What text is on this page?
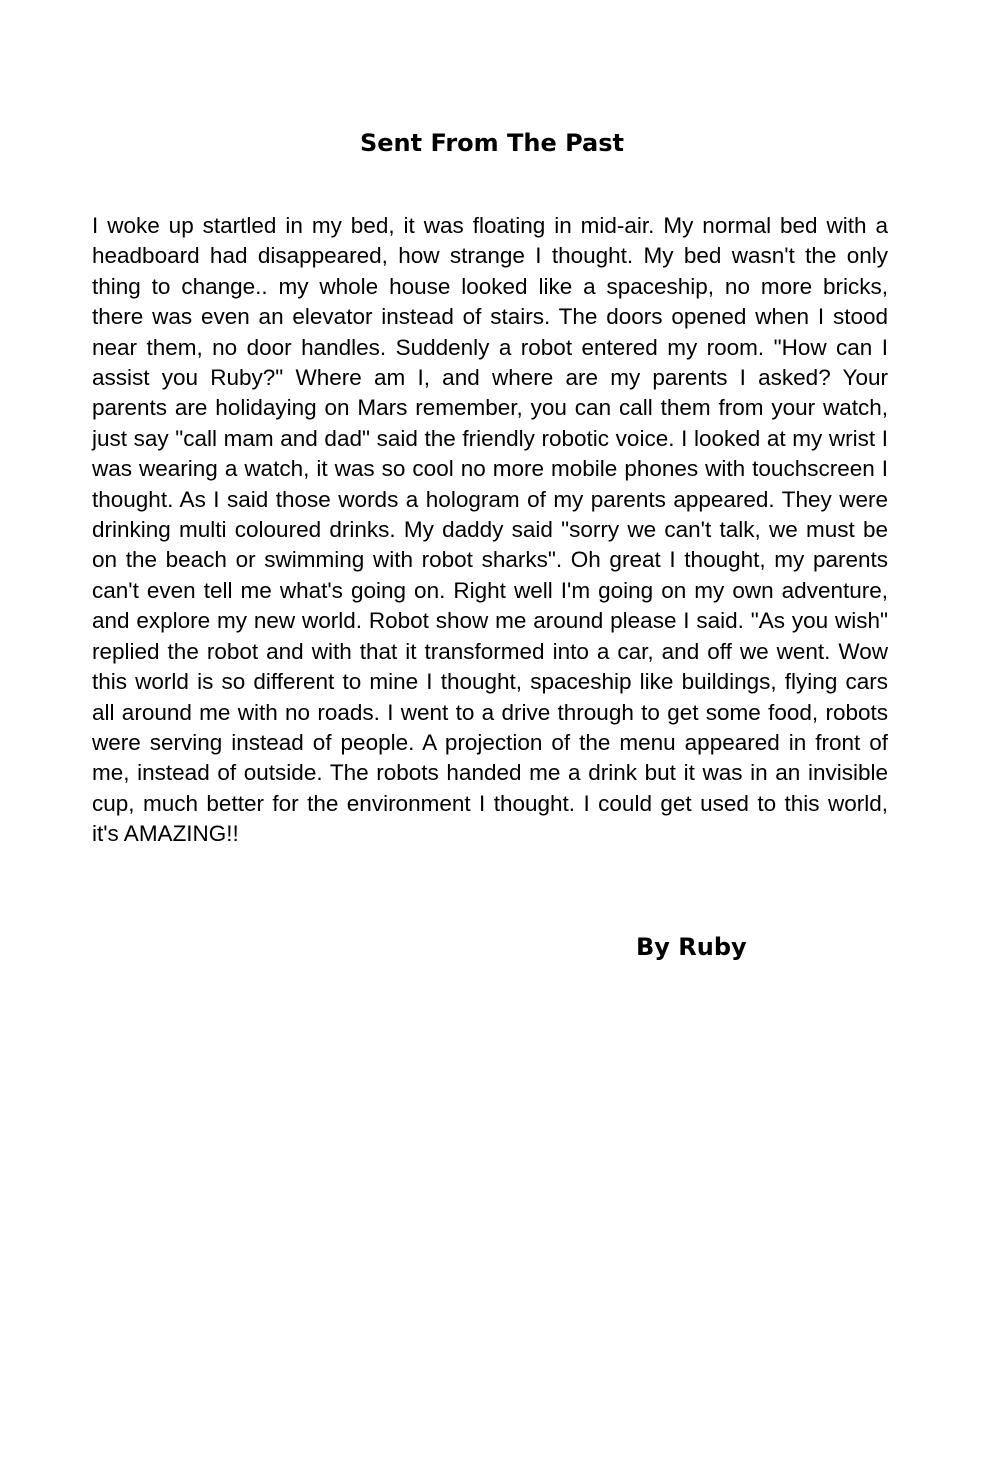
Sent From The Past

I woke up startled in my bed, it was floating in mid-air. My normal bed with a headboard had disappeared, how strange I thought. My bed wasn't the only thing to change.. my whole house looked like a spaceship, no more bricks, there was even an elevator instead of stairs. The doors opened when I stood near them, no door handles. Suddenly a robot entered my room. "How can I assist you Ruby?" Where am I, and where are my parents I asked? Your parents are holidaying on Mars remember, you can call them from your watch, just say "call mam and dad" said the friendly robotic voice. I looked at my wrist I was wearing a watch, it was so cool no more mobile phones with touchscreen I thought. As I said those words a hologram of my parents appeared. They were drinking multi coloured drinks. My daddy said "sorry we can't talk, we must be on the beach or swimming with robot sharks". Oh great I thought, my parents can't even tell me what's going on. Right well I'm going on my own adventure, and explore my new world. Robot show me around please I said. "As you wish" replied the robot and with that it transformed into a car, and off we went. Wow this world is so different to mine I thought, spaceship like buildings, flying cars all around me with no roads. I went to a drive through to get some food, robots were serving instead of people. A projection of the menu appeared in front of me, instead of outside. The robots handed me a drink but it was in an invisible cup, much better for the environment I thought. I could get used to this world, it's AMAZING!!

By Ruby
